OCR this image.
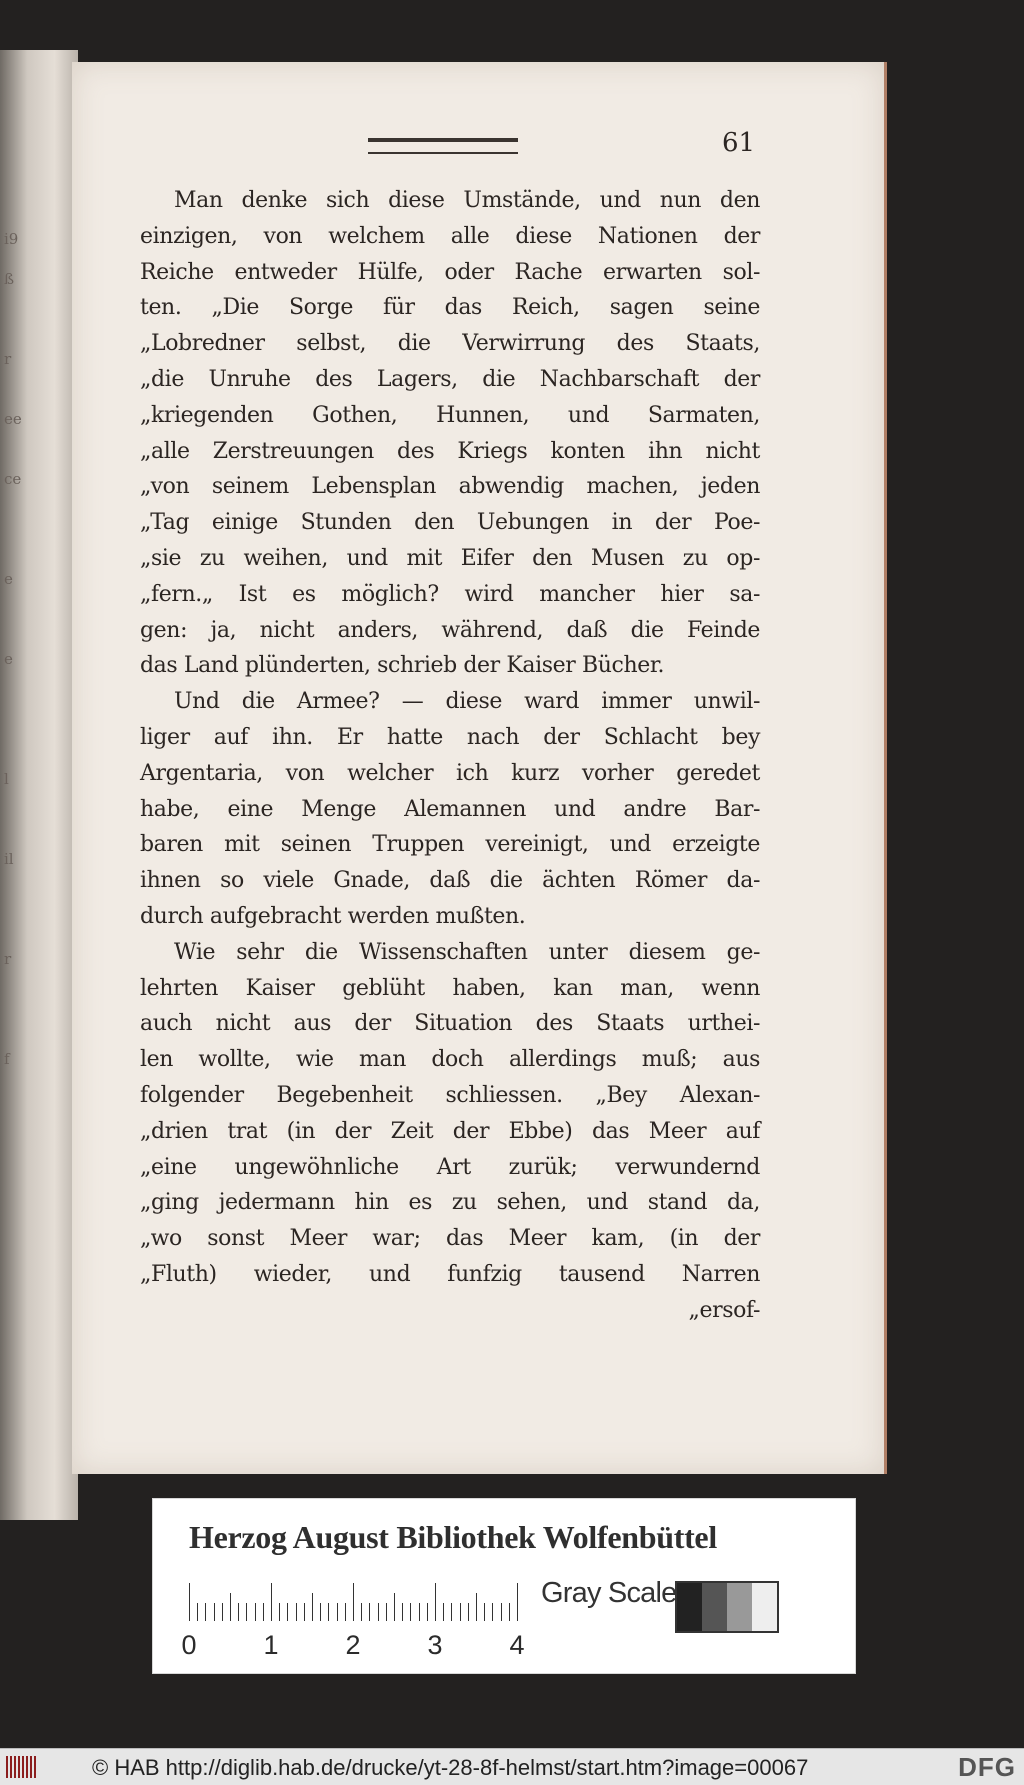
i9
ß
r
ee
ce
e
e
l
il
r
f
61
Man denke sich diese Umstände, und nun den
einzigen, von welchem alle diese Nationen der
Reiche entweder Hülfe, oder Rache erwarten sol-
ten. „Die Sorge für das Reich, sagen seine
„Lobredner selbst, die Verwirrung des Staats,
„die Unruhe des Lagers, die Nachbarschaft der
„kriegenden Gothen, Hunnen, und Sarmaten,
„alle Zerstreuungen des Kriegs konten ihn nicht
„von seinem Lebensplan abwendig machen, jeden
„Tag einige Stunden den Uebungen in der Poe-
„sie zu weihen, und mit Eifer den Musen zu op-
„fern.„ Ist es möglich? wird mancher hier sa-
gen: ja, nicht anders, während, daß die Feinde
das Land plünderten, schrieb der Kaiser Bücher.
Und die Armee? — diese ward immer unwil-
liger auf ihn. Er hatte nach der Schlacht bey
Argentaria, von welcher ich kurz vorher geredet
habe, eine Menge Alemannen und andre Bar-
baren mit seinen Truppen vereinigt, und erzeigte
ihnen so viele Gnade, daß die ächten Römer da-
durch aufgebracht werden mußten.
Wie sehr die Wissenschaften unter diesem ge-
lehrten Kaiser geblüht haben, kan man, wenn
auch nicht aus der Situation des Staats urthei-
len wollte, wie man doch allerdings muß; aus
folgender Begebenheit schliessen. „Bey Alexan-
„drien trat (in der Zeit der Ebbe) das Meer auf
„eine ungewöhnliche Art zurük; verwundernd
„ging jedermann hin es zu sehen, und stand da,
„wo sonst Meer war; das Meer kam, (in der
„Fluth) wieder, und funfzig tausend Narren
„ersof-
Herzog August Bibliothek Wolfenbüttel
0 1 2 3 4
Gray Scale
© HAB http://diglib.hab.de/drucke/yt-28-8f-helmst/start.htm?image=00067	DFG
